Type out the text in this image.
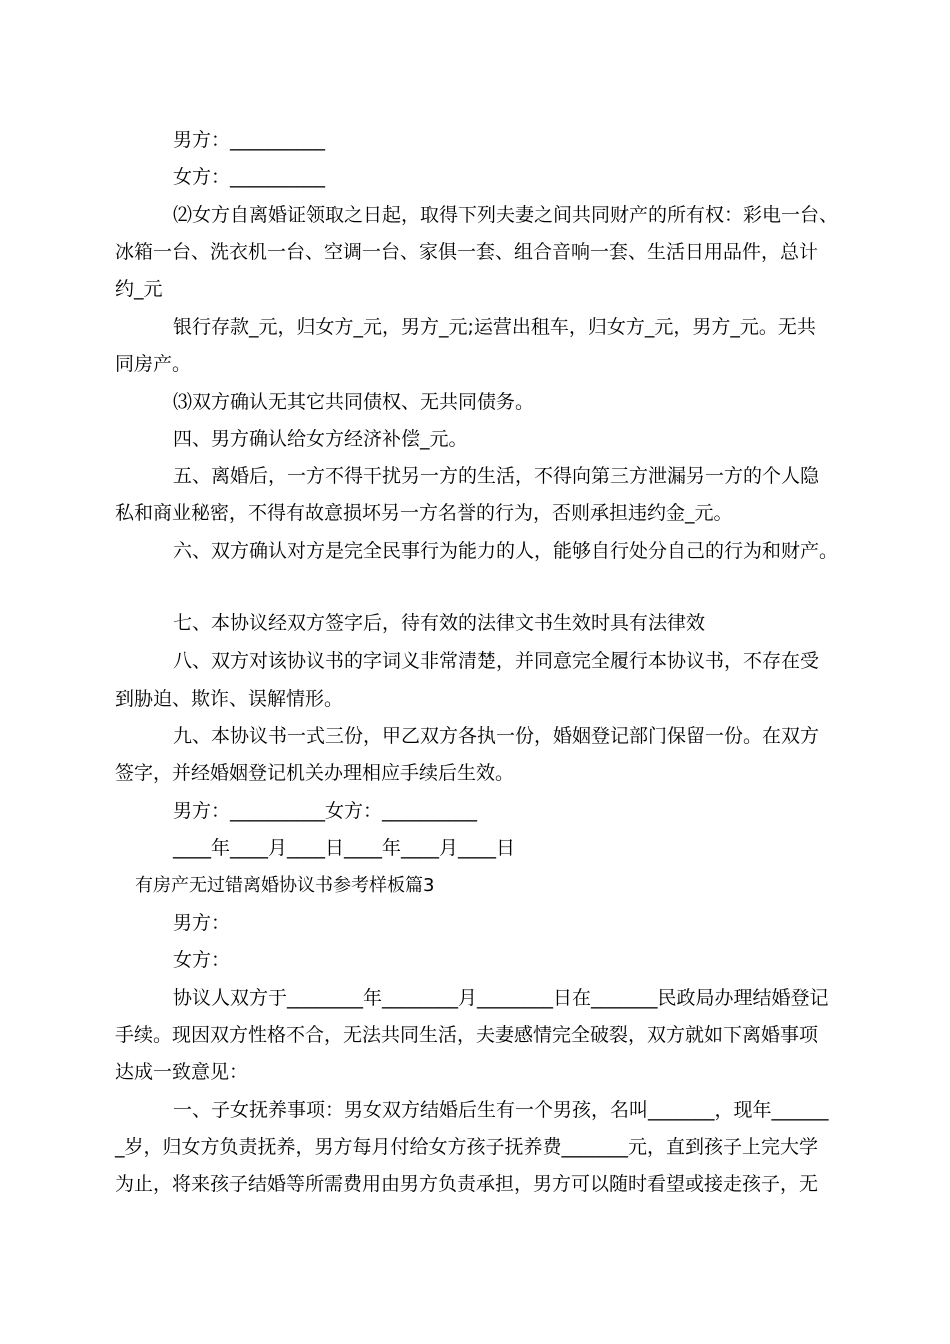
男方：__________
女方：__________
⑵女方自离婚证领取之日起，取得下列夫妻之间共同财产的所有权：彩电一台、
冰箱一台、洗衣机一台、空调一台、家俱一套、组合音响一套、生活日用品件，总计
约_元
银行存款_元，归女方_元，男方_元;运营出租车，归女方_元，男方_元。无共
同房产。
⑶双方确认无其它共同债权、无共同债务。
四、男方确认给女方经济补偿_元。
五、离婚后，一方不得干扰另一方的生活，不得向第三方泄漏另一方的个人隐
私和商业秘密，不得有故意损坏另一方名誉的行为，否则承担违约金_元。
六、双方确认对方是完全民事行为能力的人，能够自行处分自己的行为和财产。
七、本协议经双方签字后，待有效的法律文书生效时具有法律效
八、双方对该协议书的字词义非常清楚，并同意完全履行本协议书，不存在受
到胁迫、欺诈、误解情形。
九、本协议书一式三份，甲乙双方各执一份，婚姻登记部门保留一份。在双方
签字，并经婚姻登记机关办理相应手续后生效。
男方：__________女方：__________
____年____月____日____年____月____日
有房产无过错离婚协议书参考样板篇3
男方：
女方：
协议人双方于________年________月________日在_______民政局办理结婚登记
手续。现因双方性格不合，无法共同生活，夫妻感情完全破裂，双方就如下离婚事项
达成一致意见：
一、子女抚养事项：男女双方结婚后生有一个男孩，名叫_______，现年______
_岁，归女方负责抚养，男方每月付给女方孩子抚养费_______元，直到孩子上完大学
为止，将来孩子结婚等所需费用由男方负责承担，男方可以随时看望或接走孩子，无
